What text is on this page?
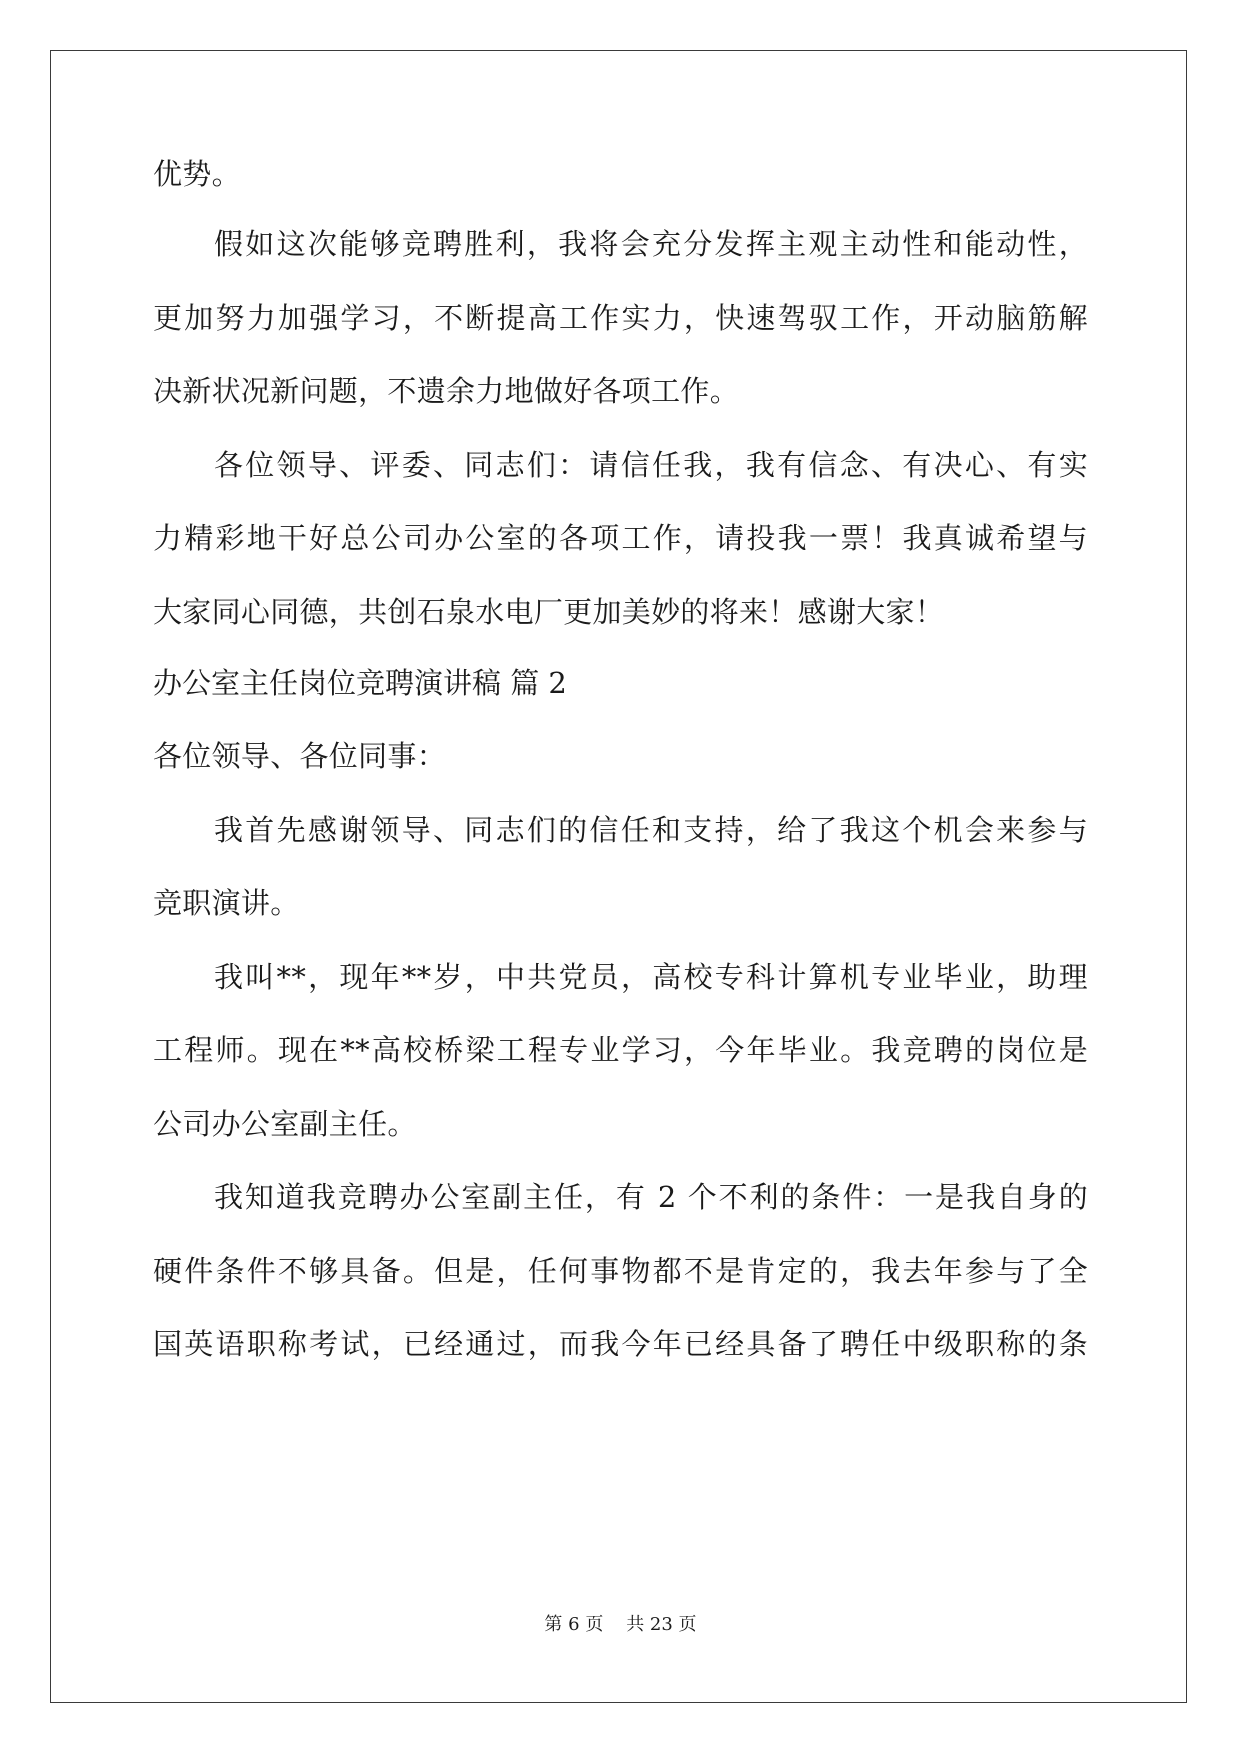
优势。
假如这次能够竞聘胜利，我将会充分发挥主观主动性和能动性，
更加努力加强学习，不断提高工作实力，快速驾驭工作，开动脑筋解
决新状况新问题，不遗余力地做好各项工作。
各位领导、评委、同志们：请信任我，我有信念、有决心、有实
力精彩地干好总公司办公室的各项工作，请投我一票！我真诚希望与
大家同心同德，共创石泉水电厂更加美妙的将来！感谢大家！
办公室主任岗位竞聘演讲稿 篇 2
各位领导、各位同事：
我首先感谢领导、同志们的信任和支持，给了我这个机会来参与
竞职演讲。
我叫**，现年**岁，中共党员，高校专科计算机专业毕业，助理
工程师。现在**高校桥梁工程专业学习，今年毕业。我竞聘的岗位是
公司办公室副主任。
我知道我竞聘办公室副主任，有 2 个不利的条件：一是我自身的
硬件条件不够具备。但是，任何事物都不是肯定的，我去年参与了全
国英语职称考试，已经通过，而我今年已经具备了聘任中级职称的条
第 6 页    共 23 页
